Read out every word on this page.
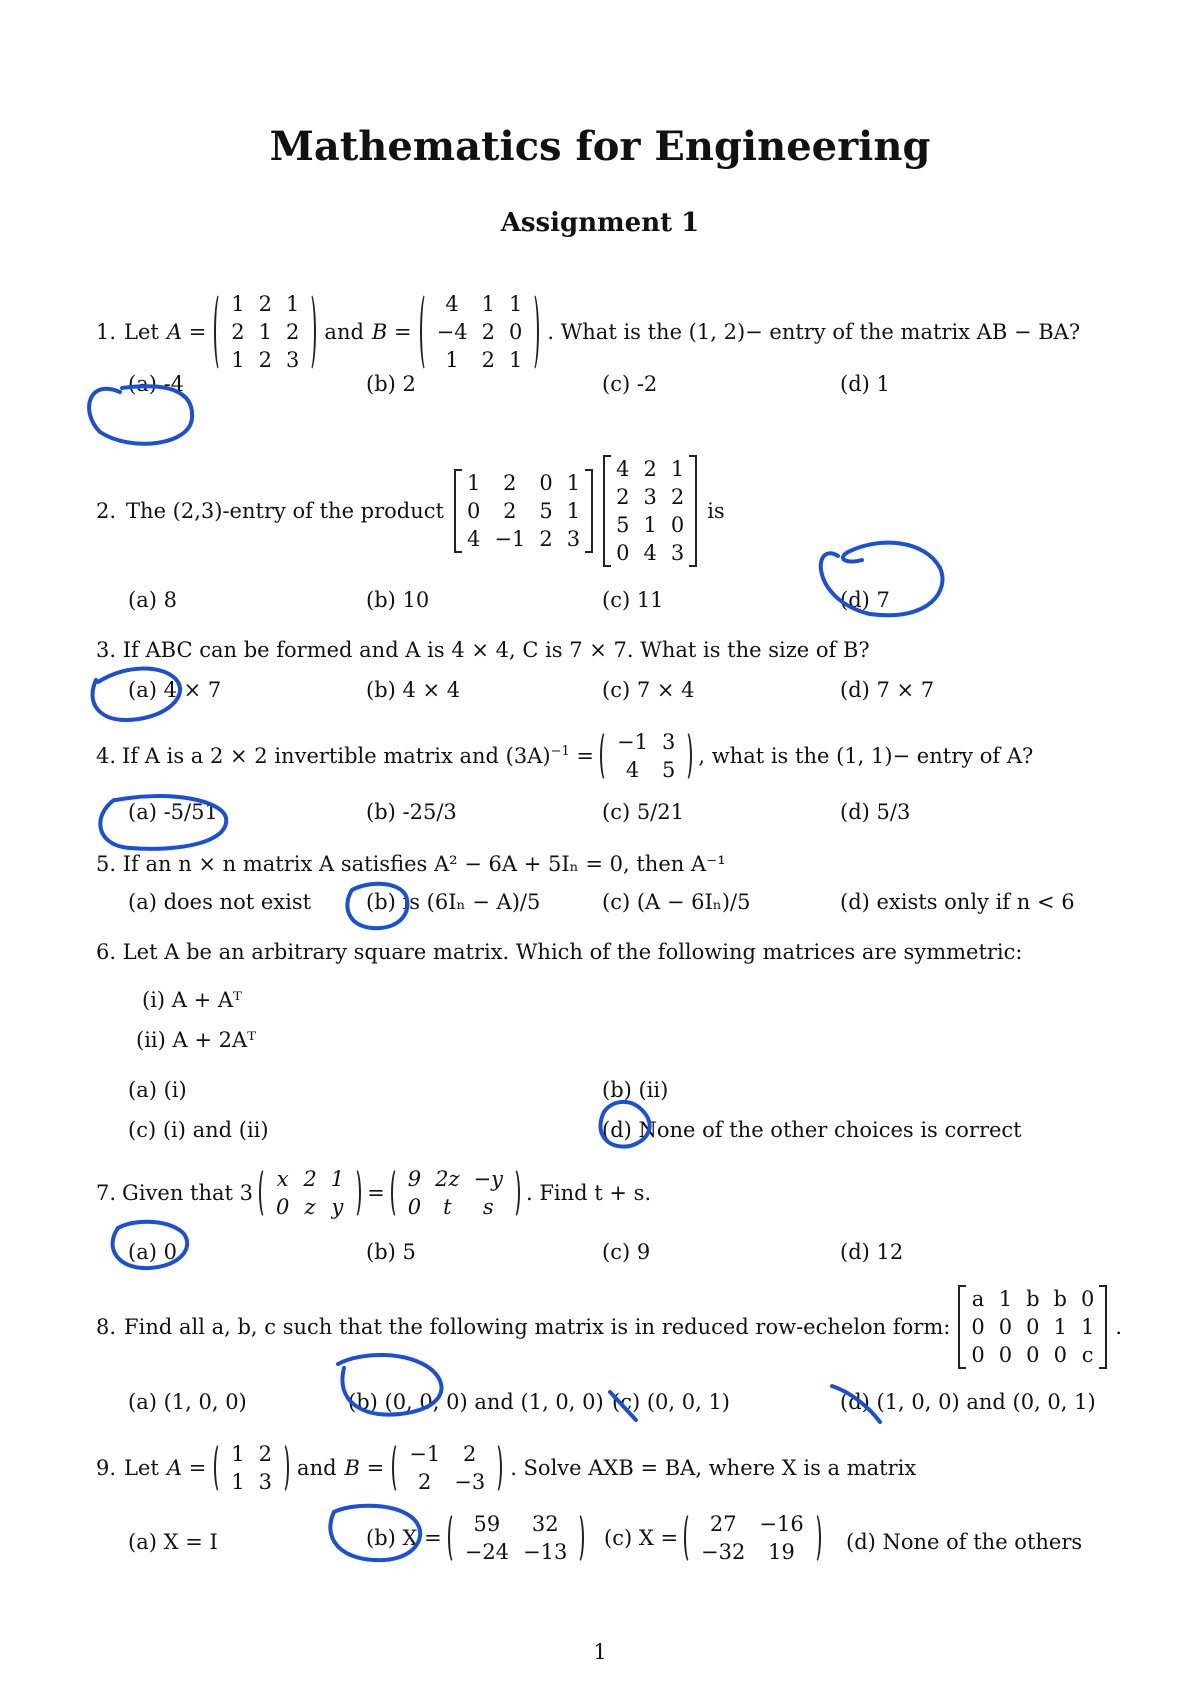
Mathematics for Engineering
Assignment 1
1. Let A =
1	2	1
2	1	2
1	2	3
and B =
4	1	1
−4	2	0
1	2	1
. What is the (1, 2)− entry of the matrix AB − BA?
(a) -4	(b) 2	(c) -2	(d) 1
2. The (2,3)-entry of the product
1	2	0	1
0	2	5	1
4	−1	2	3
4	2	1
2	3	2
5	1	0
0	4	3
is
(a) 8	(b) 10	(c) 11	(d) 7
3. If ABC can be formed and A is 4 × 4, C is 7 × 7. What is the size of B?
(a) 4 × 7	(b) 4 × 4	(c) 7 × 4	(d) 7 × 7
4. If A is a 2 × 2 invertible matrix and $(3A)^{-1}$ =
−1	3
4	5
, what is the (1, 1)− entry of A?
(a) -5/51	(b) -25/3	(c) 5/21	(d) 5/3
5. If an n × n matrix A satisfies A² − 6A + 5Iₙ = 0, then A⁻¹
(a) does not exist	(b) is (6Iₙ − A)/5	(c) (A − 6Iₙ)/5	(d) exists only if n < 6
6. Let A be an arbitrary square matrix. Which of the following matrices are symmetric:
(i) A + Aᵀ
(ii) A + 2Aᵀ
(a) (i)	(b) (ii)
(c) (i) and (ii)	(d) None of the other choices is correct
7. Given that 3
x	2	1
0	z	y
=
9	2z	−y
0	t	s
. Find t + s.
(a) 0	(b) 5	(c) 9	(d) 12
8. Find all a, b, c such that the following matrix is in reduced row-echelon form:
a	1	b	b	0
0	0	0	1	1
0	0	0	0	c
.
(a) (1, 0, 0)	(b) (0, 0, 0) and (1, 0, 0) (c) (0, 0, 1)	(d) (1, 0, 0) and (0, 0, 1)
9. Let A =
1	2
1	3
and B =
−1	2
2	−3
. Solve AXB = BA, where X is a matrix
(a) X = I	(b) X =
59	32
−24	−13
(c) X =
27	−16
−32	19 (d) None of the others
1
